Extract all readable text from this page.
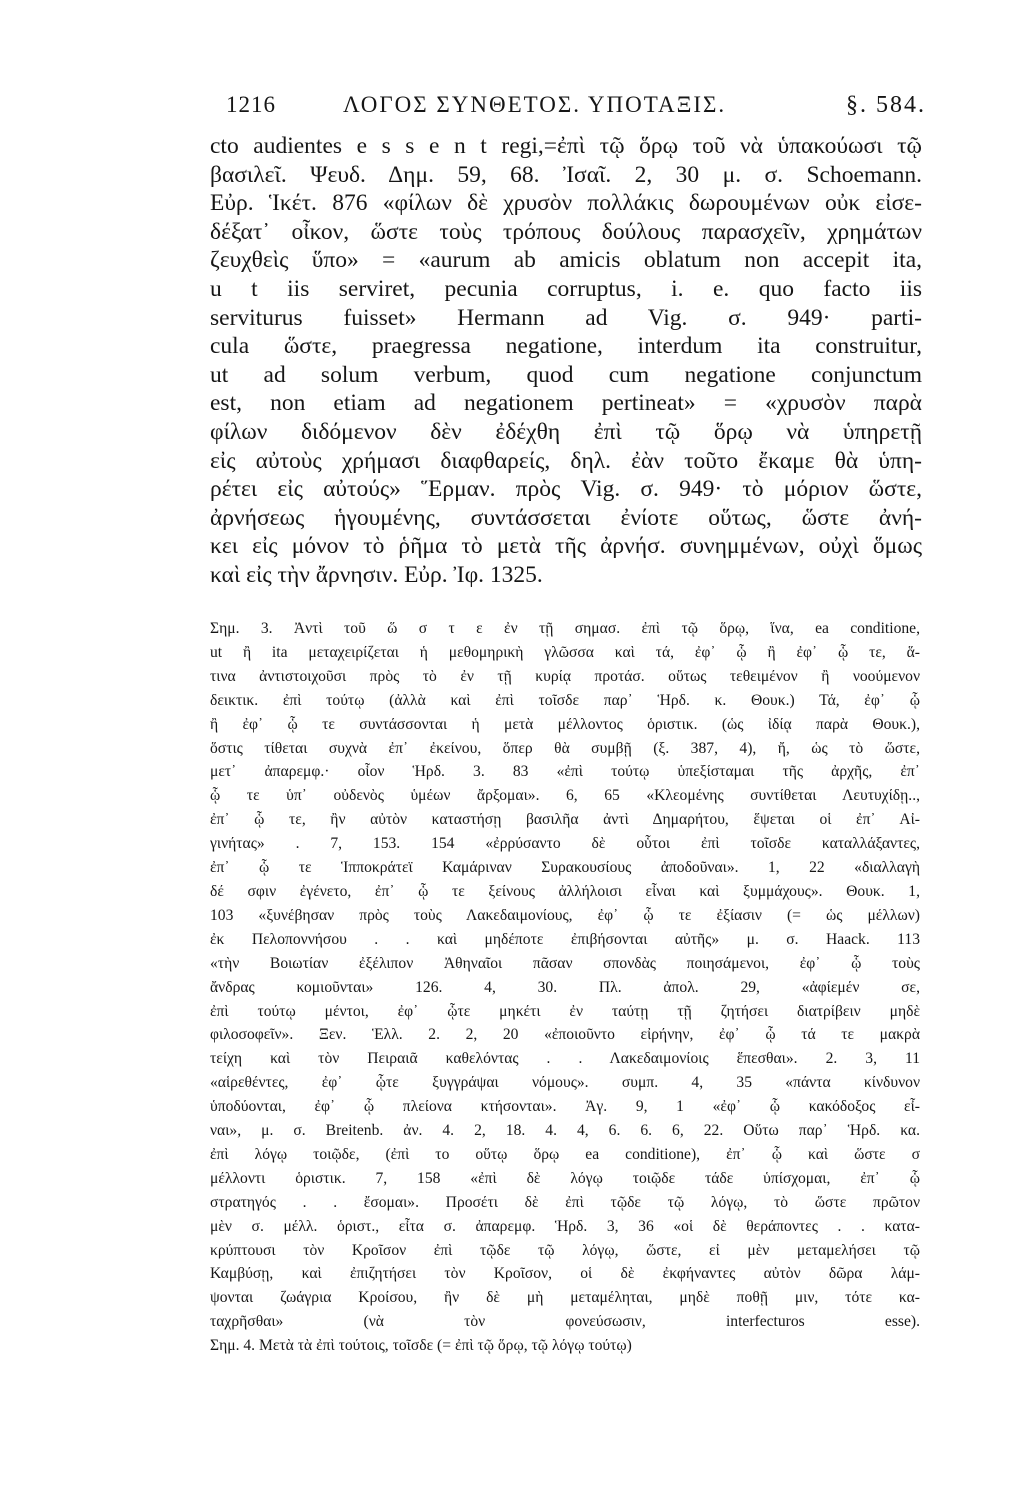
1216	ΛΟΓΟΣ ΣΥΝΘΕΤΟΣ. ΥΠΟΤΑΞΙΣ.	§. 584.
cto audientes e s s e n t regi,=ἐπὶ τῷ ὅρῳ τοῦ νὰ ὑπακούωσι τῷ
βασιλεῖ. Ψευδ. Δημ. 59, 68. Ἰσαῖ. 2, 30 μ. σ. Schoemann.
Εὐρ. Ἱκέτ. 876 «φίλων δὲ χρυσὸν πολλάκις δωρουμένων οὐκ εἰσε-
δέξατ᾽ οἶκον, ὥστε τοὺς τρόπους δούλους παρασχεῖν, χρημάτων
ζευχθεὶς ὕπο» = «aurum ab amicis oblatum non accepit ita,
u t iis serviret, pecunia corruptus, i. e. quo facto iis
serviturus fuisset» Hermann ad Vig. σ. 949· parti-
cula ὥστε, praegressa negatione, interdum ita construitur,
ut ad solum verbum, quod cum negatione conjunctum
est, non etiam ad negationem pertineat» = «χρυσὸν παρὰ
φίλων διδόμενον δὲν ἐδέχθη ἐπὶ τῷ ὅρῳ νὰ ὑπηρετῇ
εἰς αὐτοὺς χρήμασι διαφθαρείς, δηλ. ἐὰν τοῦτο ἔκαμε θὰ ὑπη-
ρέτει εἰς αὐτούς» Ἕρμαν. πρὸς Vig. σ. 949· τὸ μόριον ὥστε,
ἀρνήσεως ἡγουμένης, συντάσσεται ἐνίοτε οὕτως, ὥστε ἀνή-
κει εἰς μόνον τὸ ῥῆμα τὸ μετὰ τῆς ἀρνήσ. συνημμένων, οὐχὶ ὅμως
καὶ εἰς τὴν ἄρνησιν. Εὐρ. Ἰφ. 1325.
Σημ. 3. Ἀντὶ τοῦ ὥ σ τ ε ἐν τῇ σημασ. ἐπὶ τῷ ὅρῳ, ἵνα, ea conditione,
ut ἢ ita μεταχειρίζεται ἡ μεθομηρικὴ γλῶσσα καὶ τά, ἐφ᾽ ᾧ ἢ ἐφ᾽ ᾧ τε, ἅ-
τινα ἀντιστοιχοῦσι πρὸς τὸ ἐν τῇ κυρίᾳ προτάσ. οὕτως τεθειμένον ἢ νοούμενον
δεικτικ. ἐπὶ τούτῳ (ἀλλὰ καὶ ἐπὶ τοῖσδε παρ᾽ Ἡρδ. κ. Θουκ.) Τά, ἐφ᾽ ᾧ
ἢ ἐφ᾽ ᾧ τε συντάσσονται ἡ μετὰ μέλλοντος ὁριστικ. (ὡς ἰδίᾳ παρὰ Θουκ.),
ὅστις τίθεται συχνὰ ἐπ᾽ ἐκείνου, ὅπερ θὰ συμβῇ (ξ. 387, 4), ἤ, ὡς τὸ ὥστε,
μετ᾽ ἀπαρεμφ.· οἷον Ἡρδ. 3. 83 «ἐπὶ τούτῳ ὑπεξίσταμαι τῆς ἀρχῆς, ἐπ᾽
ᾧ τε ὑπ᾽ οὐδενὸς ὑμέων ἄρξομαι». 6, 65 «Κλεομένης συντίθεται Λευτυχίδῃ..,
ἐπ᾽ ᾧ τε, ἢν αὐτὸν καταστήσῃ βασιλῆα ἀντὶ Δημαρήτου, ἕψεται οἱ ἐπ᾽ Αἰ-
γινήτας» . 7, 153. 154 «ἐρρύσαντο δὲ οὗτοι ἐπὶ τοῖσδε καταλλάξαντες,
ἐπ᾽ ᾧ τε Ἱπποκράτεϊ Καμάριναν Συρακουσίους ἀποδοῦναι». 1, 22 «διαλλαγὴ
δέ σφιν ἐγένετο, ἐπ᾽ ᾧ τε ξείνους ἀλλήλοισι εἶναι καὶ ξυμμάχους». Θουκ. 1,
103 «ξυνέβησαν πρὸς τοὺς Λακεδαιμονίους, ἐφ᾽ ᾧ τε ἐξίασιν (= ὡς μέλλων)
ἐκ Πελοποννήσου . . καὶ μηδέποτε ἐπιβήσονται αὐτῆς» μ. σ. Haack. 113
«τὴν Βοιωτίαν ἐξέλιπον Ἀθηναῖοι πᾶσαν σπονδὰς ποιησάμενοι, ἐφ᾽ ᾧ τοὺς
ἄνδρας κομιοῦνται» 126. 4, 30. Πλ. ἀπολ. 29, «ἀφίεμέν σε,
ἐπὶ τούτῳ μέντοι, ἐφ᾽ ᾧτε μηκέτι ἐν ταύτῃ τῇ ζητήσει διατρίβειν μηδὲ
φιλοσοφεῖν». Ξεν. Ἑλλ. 2. 2, 20 «ἐποιοῦντο εἰρήνην, ἐφ᾽ ᾧ τά τε μακρὰ
τείχη καὶ τὸν Πειραιᾶ καθελόντας . . Λακεδαιμονίοις ἕπεσθαι». 2. 3, 11
«αἱρεθέντες, ἐφ᾽ ᾧτε ξυγγράψαι νόμους». συμπ. 4, 35 «πάντα κίνδυνον
ὑποδύονται, ἐφ᾽ ᾧ πλείονα κτήσονται». Ἀγ. 9, 1 «ἐφ᾽ ᾧ κακόδοξος εἶ-
ναι», μ. σ. Breitenb. ἀν. 4. 2, 18. 4. 4, 6. 6. 6, 22. Οὕτω παρ᾽ Ἡρδ. κα.
ἐπὶ λόγῳ τοιῷδε, (ἐπὶ το οὕτῳ ὅρῳ ea conditione), ἐπ᾽ ᾧ καὶ ὥστε σ
μέλλοντι ὁριστικ. 7, 158 «ἐπὶ δὲ λόγῳ τοιῷδε τάδε ὑπίσχομαι, ἐπ᾽ ᾧ
στρατηγός . . ἔσομαι». Προσέτι δὲ ἐπὶ τῷδε τῷ λόγῳ, τὸ ὥστε πρῶτον
μὲν σ. μέλλ. ὁριστ., εἶτα σ. ἀπαρεμφ. Ἡρδ. 3, 36 «οἱ δὲ θεράποντες . . κατα-
κρύπτουσι τὸν Κροῖσον ἐπὶ τῷδε τῷ λόγῳ, ὥστε, εἰ μὲν μεταμελήσει τῷ
Καμβύσῃ, καὶ ἐπιζητήσει τὸν Κροῖσον, οἱ δὲ ἐκφήναντες αὐτὸν δῶρα λάμ-
ψονται ζωάγρια Κροίσου, ἢν δὲ μὴ μεταμέληται, μηδὲ ποθῇ μιν, τότε κα-
ταχρῆσθαι» (νὰ τὸν φονεύσωσιν, interfecturos esse).
Σημ. 4. Μετὰ τὰ ἐπὶ τούτοις, τοῖσδε (= ἐπὶ τῷ ὅρῳ, τῷ λόγῳ τούτῳ)
